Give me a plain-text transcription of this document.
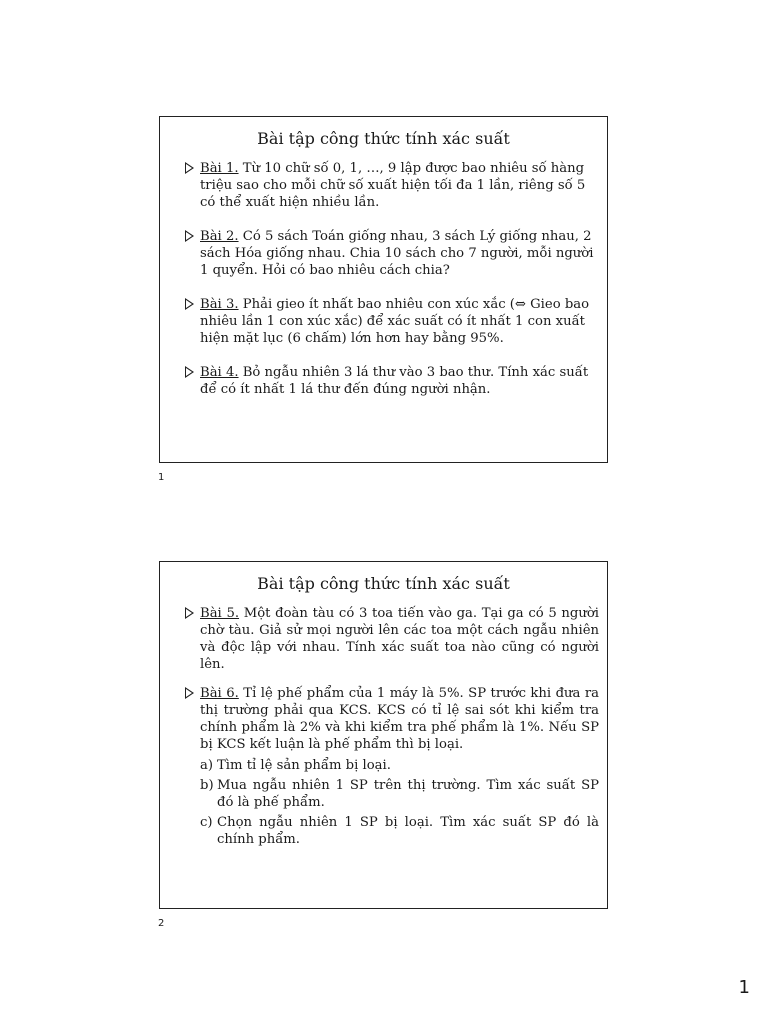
Bài tập công thức tính xác suất
Bài 1. Từ 10 chữ số 0, 1, …, 9 lập được bao nhiêu số hàng triệu sao cho mỗi chữ số xuất hiện tối đa 1 lần, riêng số 5 có thể xuất hiện nhiều lần.
Bài 2. Có 5 sách Toán giống nhau, 3 sách Lý giống nhau, 2 sách Hóa giống nhau. Chia 10 sách cho 7 người, mỗi người 1 quyển. Hỏi có bao nhiêu cách chia?
Bài 3. Phải gieo ít nhất bao nhiêu con xúc xắc (⇔ Gieo bao nhiêu lần 1 con xúc xắc) để xác suất có ít nhất 1 con xuất hiện mặt lục (6 chấm) lớn hơn hay bằng 95%.
Bài 4. Bỏ ngẫu nhiên 3 lá thư vào 3 bao thư. Tính xác suất để có ít nhất 1 lá thư đến đúng người nhận.
1
Bài tập công thức tính xác suất
Bài 5. Một đoàn tàu có 3 toa tiến vào ga. Tại ga có 5 người chờ tàu. Giả sử mọi người lên các toa một cách ngẫu nhiên và độc lập với nhau. Tính xác suất toa nào cũng có người lên.
Bài 6. Tỉ lệ phế phẩm của 1 máy là 5%. SP trước khi đưa ra thị trường phải qua KCS. KCS có tỉ lệ sai sót khi kiểm tra chính phẩm là 2% và khi kiểm tra phế phẩm là 1%. Nếu SP bị KCS kết luận là phế phẩm thì bị loại.
a) Tìm tỉ lệ sản phẩm bị loại.
b) Mua ngẫu nhiên 1 SP trên thị trường. Tìm xác suất SP đó là phế phẩm.
c) Chọn ngẫu nhiên 1 SP bị loại. Tìm xác suất SP đó là chính phẩm.
2
1
